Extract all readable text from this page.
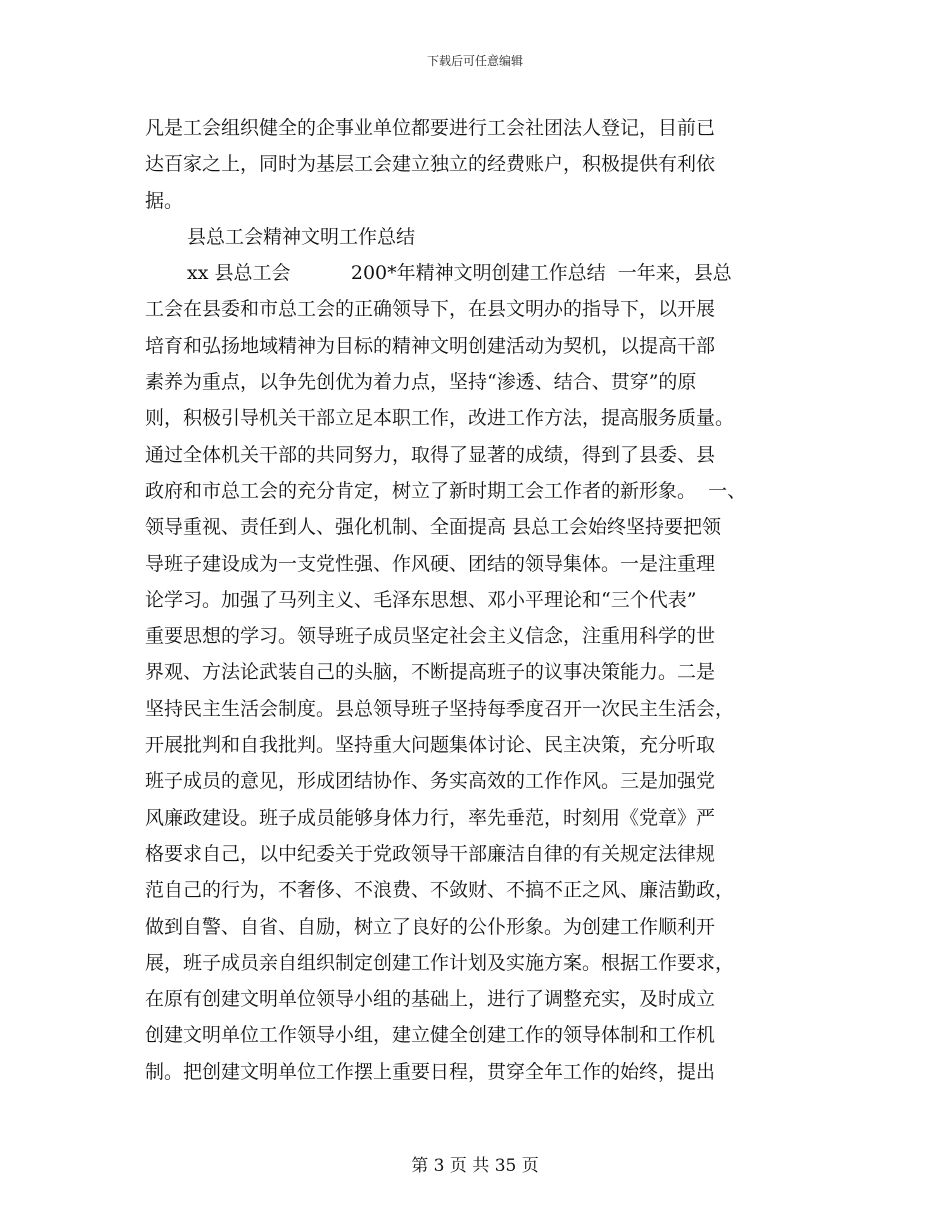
下载后可任意编辑
凡是工会组织健全的企事业单位都要进行工会社团法人登记，目前已
达百家之上，同时为基层工会建立独立的经费账户，积极提供有利依
据。
县总工会精神文明工作总结
xx 县总工会          200*年精神文明创建工作总结  一年来，县总
工会在县委和市总工会的正确领导下，在县文明办的指导下，以开展
培育和弘扬地域精神为目标的精神文明创建活动为契机，以提高干部
素养为重点，以争先创优为着力点，坚持“渗透、结合、贯穿”的原
则，积极引导机关干部立足本职工作，改进工作方法，提高服务质量。
通过全体机关干部的共同努力，取得了显著的成绩，得到了县委、县
政府和市总工会的充分肯定，树立了新时期工会工作者的新形象。  一、
领导重视、责任到人、强化机制、全面提高 县总工会始终坚持要把领
导班子建设成为一支党性强、作风硬、团结的领导集体。一是注重理
论学习。加强了马列主义、毛泽东思想、邓小平理论和“三个代表”
重要思想的学习。领导班子成员坚定社会主义信念，注重用科学的世
界观、方法论武装自己的头脑，不断提高班子的议事决策能力。二是
坚持民主生活会制度。县总领导班子坚持每季度召开一次民主生活会，
开展批判和自我批判。坚持重大问题集体讨论、民主决策，充分听取
班子成员的意见，形成团结协作、务实高效的工作作风。三是加强党
风廉政建设。班子成员能够身体力行，率先垂范，时刻用《党章》严
格要求自己，以中纪委关于党政领导干部廉洁自律的有关规定法律规
范自己的行为，不奢侈、不浪费、不敛财、不搞不正之风、廉洁勤政，
做到自警、自省、自励，树立了良好的公仆形象。为创建工作顺利开
展，班子成员亲自组织制定创建工作计划及实施方案。根据工作要求，
在原有创建文明单位领导小组的基础上，进行了调整充实，及时成立
创建文明单位工作领导小组，建立健全创建工作的领导体制和工作机
制。把创建文明单位工作摆上重要日程，贯穿全年工作的始终，提出
第 3 页 共 35 页
